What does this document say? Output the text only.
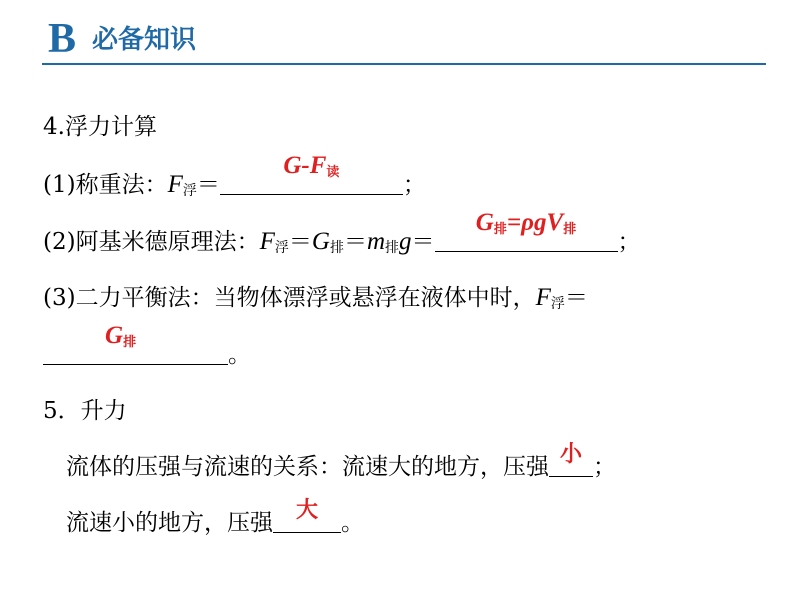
B 必备知识
4.浮力计算
(1)称重法：$F_浮=$
$G-F_读$	；
(2)阿基米德原理法：$F_浮=G_排=m_排g=$
$G_排=\rho gV_排$	；
(3)二力平衡法：当物体漂浮或悬浮在液体中时，$F_浮=$
$G_排$	。
5．升力
流体的压强与流速的关系：流速大的地方，压强 小 ；
流速小的地方，压强	大	。
